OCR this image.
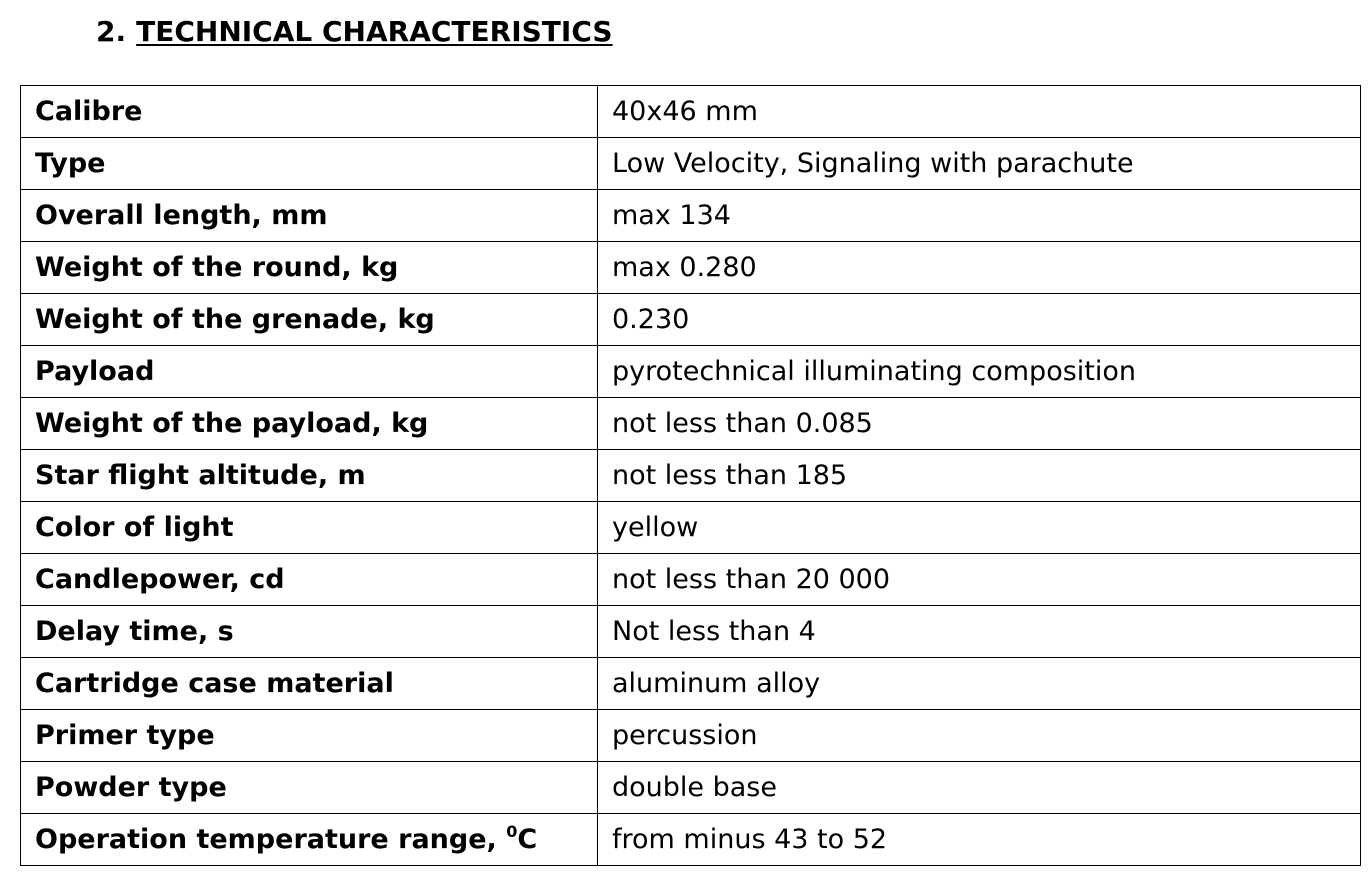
2. TECHNICAL CHARACTERISTICS
Calibre	40x46 mm
Type	Low Velocity, Signaling with parachute
Overall length, mm	max 134
Weight of the round, kg	max 0.280
Weight of the grenade, kg	0.230
Payload	pyrotechnical illuminating composition
Weight of the payload, kg	not less than 0.085
Star flight altitude, m	not less than 185
Color of light	yellow
Candlepower, cd	not less than 20 000
Delay time, s	Not less than 4
Cartridge case material	aluminum alloy
Primer type	percussion
Powder type	double base
Operation temperature range, $^0$C	from minus 43 to 52
